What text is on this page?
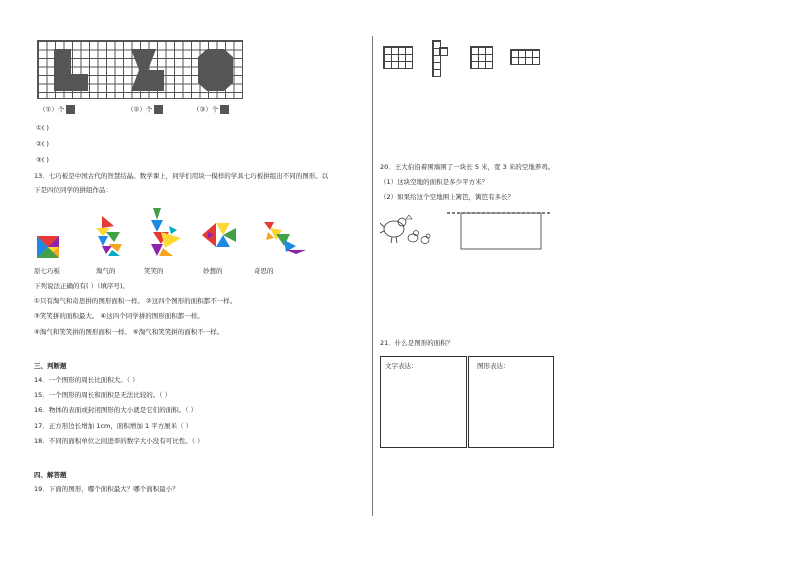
（①）个	（②）个	（③）个
①( )
②( )
③( )
13．七巧板是中国古代的智慧结晶。数学课上，同学们用块一模样的学具七巧板拼组出不同的图形。以
下是四位同学的拼组作品：
原七巧板	淘气的	笑笑的	妙想的	奇思的
下列说法正确的有( ）（填序号)。
①只有淘气和奇思拼的图形面积一样。 ②这四个图形的面积都不一样。
③笑笑拼的面积最大。 ④这四个同学拼的图形面积都一样。
⑤淘气和笑笑拼的图形面积一样。 ⑥淘气和笑笑拼的面积不一样。
三、判断题
14．一个图形的周长比面积大。（ ）
15．一个图形的周长和面积是无法比较的。（ ）
16．物体的表面或封闭图形的大小就是它们的面积。（ ）
17．正方形边长增加 1cm，面积增加 1 平方厘米（ ）
18．不同的面积单位之间进率的数字大小没有可比性。（ ）
四、解答题
19．下面的图形，哪个面积最大？哪个面积最小？
20．王大伯沿着围墙围了一块长 5 米，宽 3 米的空地养鸡。
（1）这块空地的面积是多少平方米？
（2）如果给这个空地围上篱笆，篱笆有多长？
21．什么是图形的面积？
文字表达：	图形表达：
